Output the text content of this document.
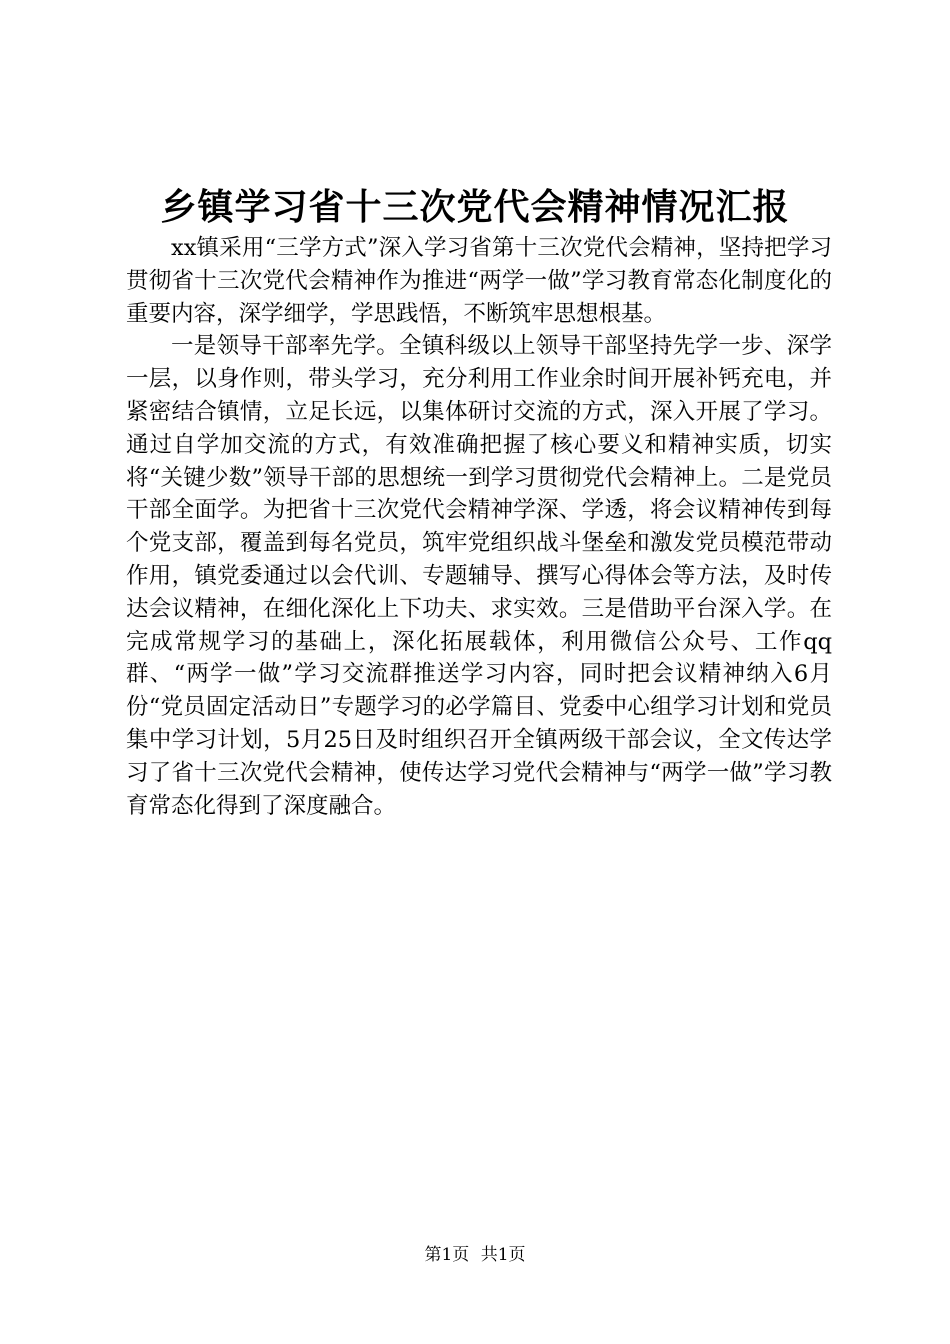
乡镇学习省十三次党代会精神情况汇报

xx镇采用“三学方式”深入学习省第十三次党代会精神，坚持把学习贯彻省十三次党代会精神作为推进“两学一做”学习教育常态化制度化的重要内容，深学细学，学思践悟，不断筑牢思想根基。

一是领导干部率先学。全镇科级以上领导干部坚持先学一步、深学一层，以身作则，带头学习，充分利用工作业余时间开展补钙充电，并紧密结合镇情，立足长远，以集体研讨交流的方式，深入开展了学习。通过自学加交流的方式，有效准确把握了核心要义和精神实质，切实将“关键少数”领导干部的思想统一到学习贯彻党代会精神上。二是党员干部全面学。为把省十三次党代会精神学深、学透，将会议精神传到每个党支部，覆盖到每名党员，筑牢党组织战斗堡垒和激发党员模范带动作用，镇党委通过以会代训、专题辅导、撰写心得体会等方法，及时传达会议精神，在细化深化上下功夫、求实效。三是借助平台深入学。在完成常规学习的基础上，深化拓展载体，利用微信公众号、工作qq群、“两学一做”学习交流群推送学习内容，同时把会议精神纳入6月份“党员固定活动日”专题学习的必学篇目、党委中心组学习计划和党员集中学习计划，5月25日及时组织召开全镇两级干部会议，全文传达学习了省十三次党代会精神，使传达学习党代会精神与“两学一做”学习教育常态化得到了深度融合。

第1页 共1页
